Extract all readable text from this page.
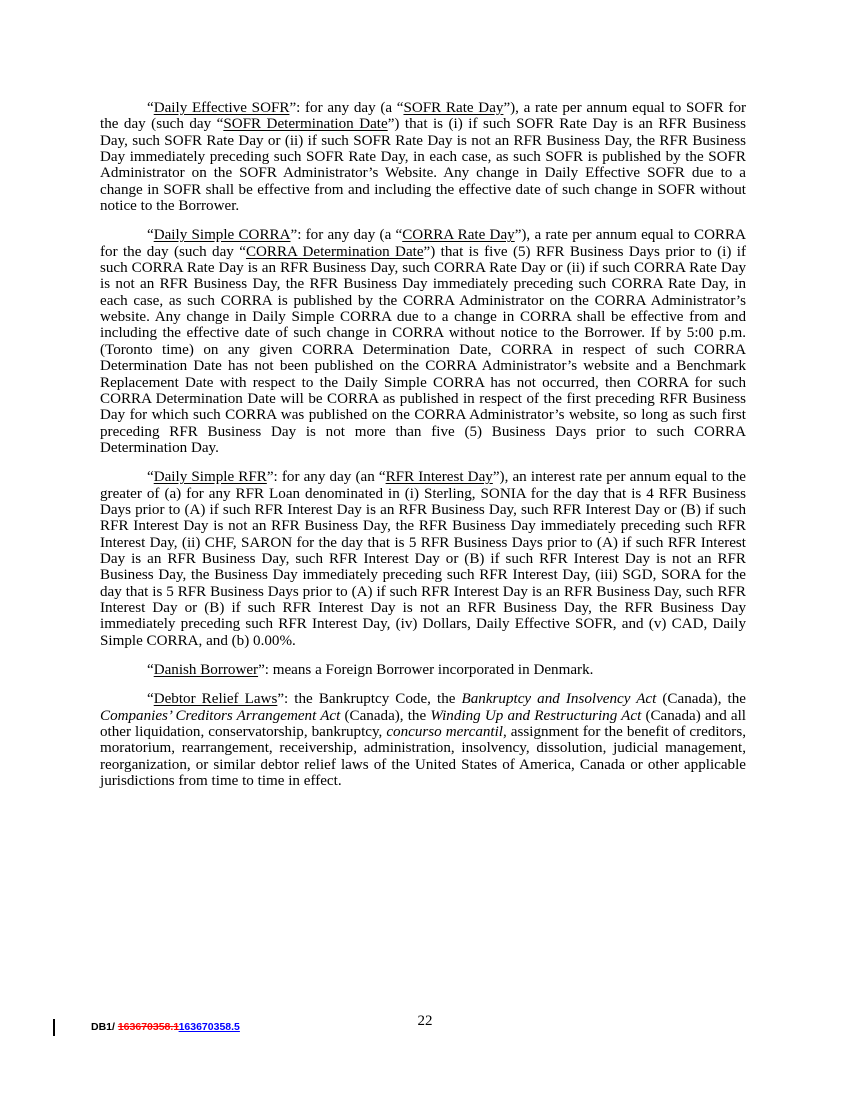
“Daily Effective SOFR”: for any day (a “SOFR Rate Day”), a rate per annum equal to SOFR for the day (such day “SOFR Determination Date”) that is (i) if such SOFR Rate Day is an RFR Business Day, such SOFR Rate Day or (ii) if such SOFR Rate Day is not an RFR Business Day, the RFR Business Day immediately preceding such SOFR Rate Day, in each case, as such SOFR is published by the SOFR Administrator on the SOFR Administrator’s Website. Any change in Daily Effective SOFR due to a change in SOFR shall be effective from and including the effective date of such change in SOFR without notice to the Borrower.

“Daily Simple CORRA”: for any day (a “CORRA Rate Day”), a rate per annum equal to CORRA for the day (such day “CORRA Determination Date”) that is five (5) RFR Business Days prior to (i) if such CORRA Rate Day is an RFR Business Day, such CORRA Rate Day or (ii) if such CORRA Rate Day is not an RFR Business Day, the RFR Business Day immediately preceding such CORRA Rate Day, in each case, as such CORRA is published by the CORRA Administrator on the CORRA Administrator’s website. Any change in Daily Simple CORRA due to a change in CORRA shall be effective from and including the effective date of such change in CORRA without notice to the Borrower. If by 5:00 p.m. (Toronto time) on any given CORRA Determination Date, CORRA in respect of such CORRA Determination Date has not been published on the CORRA Administrator’s website and a Benchmark Replacement Date with respect to the Daily Simple CORRA has not occurred, then CORRA for such CORRA Determination Date will be CORRA as published in respect of the first preceding RFR Business Day for which such CORRA was published on the CORRA Administrator’s website, so long as such first preceding RFR Business Day is not more than five (5) Business Days prior to such CORRA Determination Day.

“Daily Simple RFR”: for any day (an “RFR Interest Day”), an interest rate per annum equal to the greater of (a) for any RFR Loan denominated in (i) Sterling, SONIA for the day that is 4 RFR Business Days prior to (A) if such RFR Interest Day is an RFR Business Day, such RFR Interest Day or (B) if such RFR Interest Day is not an RFR Business Day, the RFR Business Day immediately preceding such RFR Interest Day, (ii) CHF, SARON for the day that is 5 RFR Business Days prior to (A) if such RFR Interest Day is an RFR Business Day, such RFR Interest Day or (B) if such RFR Interest Day is not an RFR Business Day, the Business Day immediately preceding such RFR Interest Day, (iii) SGD, SORA for the day that is 5 RFR Business Days prior to (A) if such RFR Interest Day is an RFR Business Day, such RFR Interest Day or (B) if such RFR Interest Day is not an RFR Business Day, the RFR Business Day immediately preceding such RFR Interest Day, (iv) Dollars, Daily Effective SOFR, and (v) CAD, Daily Simple CORRA, and (b) 0.00%.

“Danish Borrower”: means a Foreign Borrower incorporated in Denmark.

“Debtor Relief Laws”: the Bankruptcy Code, the Bankruptcy and Insolvency Act (Canada), the Companies’ Creditors Arrangement Act (Canada), the Winding Up and Restructuring Act (Canada) and all other liquidation, conservatorship, bankruptcy, concurso mercantil, assignment for the benefit of creditors, moratorium, rearrangement, receivership, administration, insolvency, dissolution, judicial management, reorganization, or similar debtor relief laws of the United States of America, Canada or other applicable jurisdictions from time to time in effect.

DB1/ 163670358.1163670358.5	22
